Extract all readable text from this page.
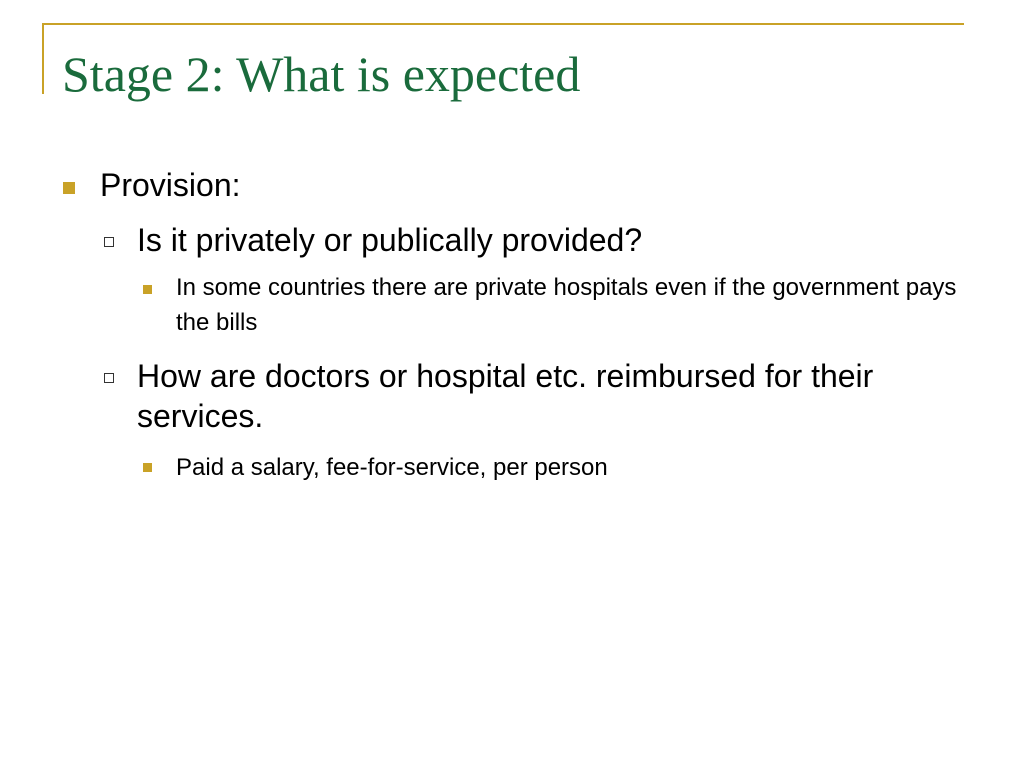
Stage 2: What is expected

Provision:

Is it privately or publically provided?

In some countries there are private hospitals even if the government pays the bills

How are doctors or hospital etc. reimbursed for their services.

Paid a salary, fee-for-service, per person
